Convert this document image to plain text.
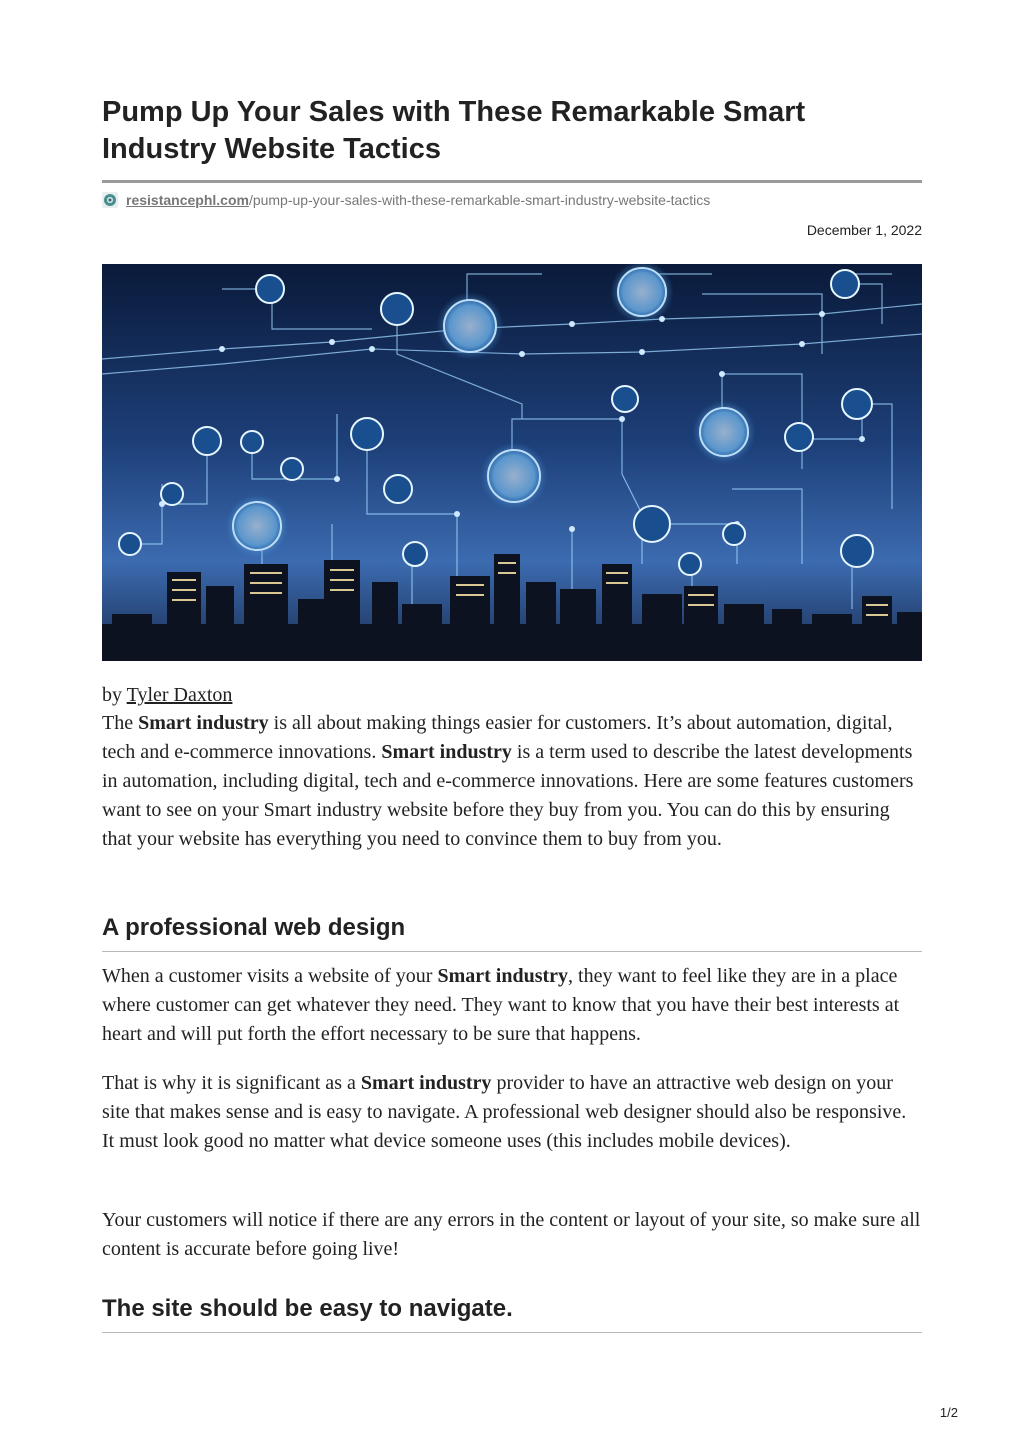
Pump Up Your Sales with These Remarkable Smart Industry Website Tactics
resistancephl.com/pump-up-your-sales-with-these-remarkable-smart-industry-website-tactics
December 1, 2022
by Tyler Daxton

The Smart industry is all about making things easier for customers. It’s about automation, digital, tech and e-commerce innovations. Smart industry is a term used to describe the latest developments in automation, including digital, tech and e-commerce innovations. Here are some features customers want to see on your Smart industry website before they buy from you. You can do this by ensuring that your website has everything you need to convince them to buy from you.

A professional web design

When a customer visits a website of your Smart industry, they want to feel like they are in a place where customer can get whatever they need. They want to know that you have their best interests at heart and will put forth the effort necessary to be sure that happens.

That is why it is significant as a Smart industry provider to have an attractive web design on your site that makes sense and is easy to navigate. A professional web designer should also be responsive. It must look good no matter what device someone uses (this includes mobile devices).

Your customers will notice if there are any errors in the content or layout of your site, so make sure all content is accurate before going live!

The site should be easy to navigate.
1/2
